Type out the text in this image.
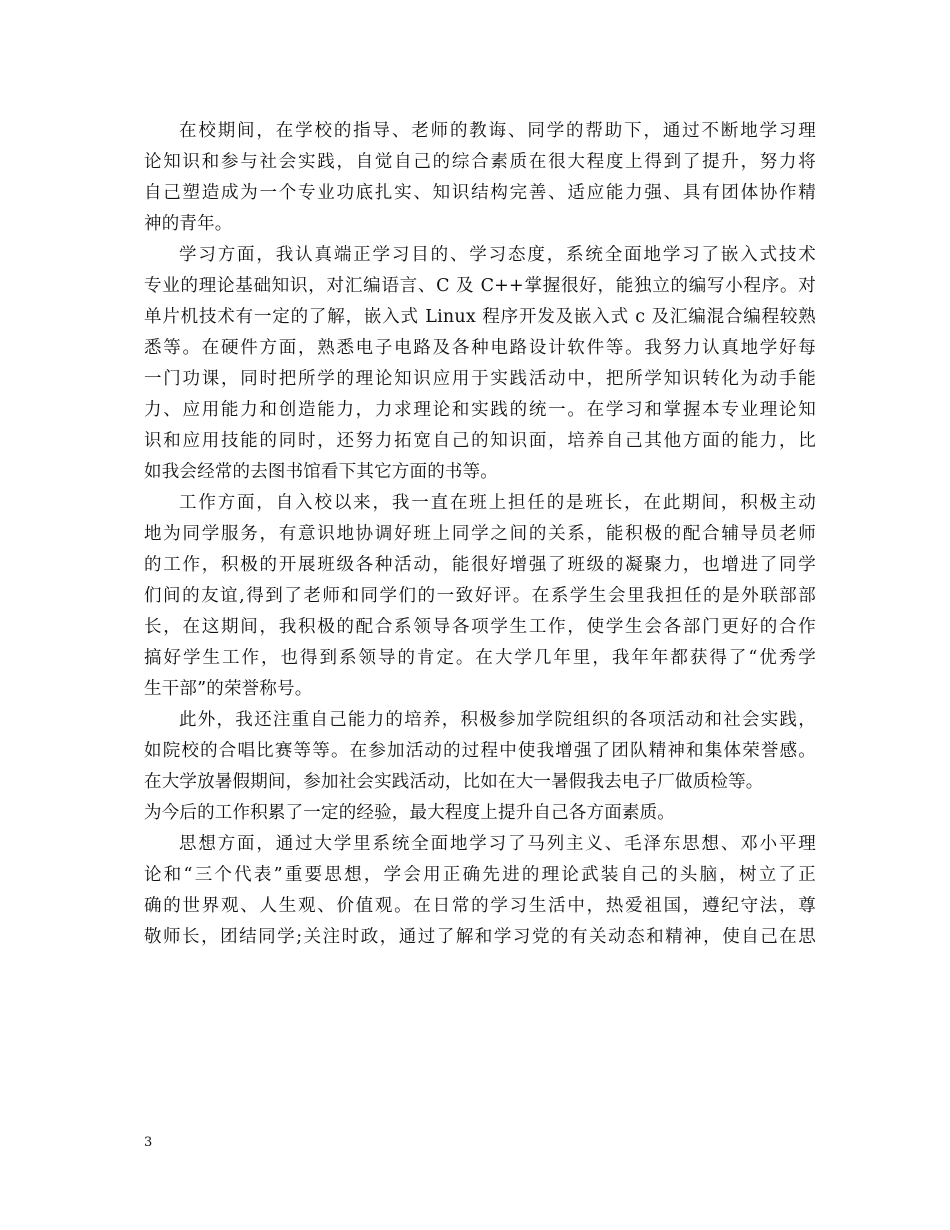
在校期间，在学校的指导、老师的教诲、同学的帮助下，通过不断地学习理
论知识和参与社会实践，自觉自己的综合素质在很大程度上得到了提升，努力将
自己塑造成为一个专业功底扎实、知识结构完善、适应能力强、具有团体协作精
神的青年。
学习方面，我认真端正学习目的、学习态度，系统全面地学习了嵌入式技术
专业的理论基础知识，对汇编语言、C 及 C++掌握很好，能独立的编写小程序。对
单片机技术有一定的了解，嵌入式 Linux 程序开发及嵌入式 c 及汇编混合编程较熟
悉等。在硬件方面，熟悉电子电路及各种电路设计软件等。我努力认真地学好每
一门功课，同时把所学的理论知识应用于实践活动中，把所学知识转化为动手能
力、应用能力和创造能力，力求理论和实践的统一。在学习和掌握本专业理论知
识和应用技能的同时，还努力拓宽自己的知识面，培养自己其他方面的能力，比
如我会经常的去图书馆看下其它方面的书等。
工作方面，自入校以来，我一直在班上担任的是班长，在此期间，积极主动
地为同学服务，有意识地协调好班上同学之间的关系，能积极的配合辅导员老师
的工作，积极的开展班级各种活动，能很好增强了班级的凝聚力，也增进了同学
们间的友谊,得到了老师和同学们的一致好评。在系学生会里我担任的是外联部部
长，在这期间，我积极的配合系领导各项学生工作，使学生会各部门更好的合作
搞好学生工作，也得到系领导的肯定。在大学几年里，我年年都获得了“优秀学
生干部”的荣誉称号。
此外，我还注重自己能力的培养，积极参加学院组织的各项活动和社会实践，
如院校的合唱比赛等等。在参加活动的过程中使我增强了团队精神和集体荣誉感。
在大学放暑假期间，参加社会实践活动，比如在大一暑假我去电子厂做质检等。
为今后的工作积累了一定的经验，最大程度上提升自己各方面素质。
思想方面，通过大学里系统全面地学习了马列主义、毛泽东思想、邓小平理
论和“三个代表”重要思想，学会用正确先进的理论武装自己的头脑，树立了正
确的世界观、人生观、价值观。在日常的学习生活中，热爱祖国，遵纪守法，尊
敬师长，团结同学;关注时政，通过了解和学习党的有关动态和精神，使自己在思
3
